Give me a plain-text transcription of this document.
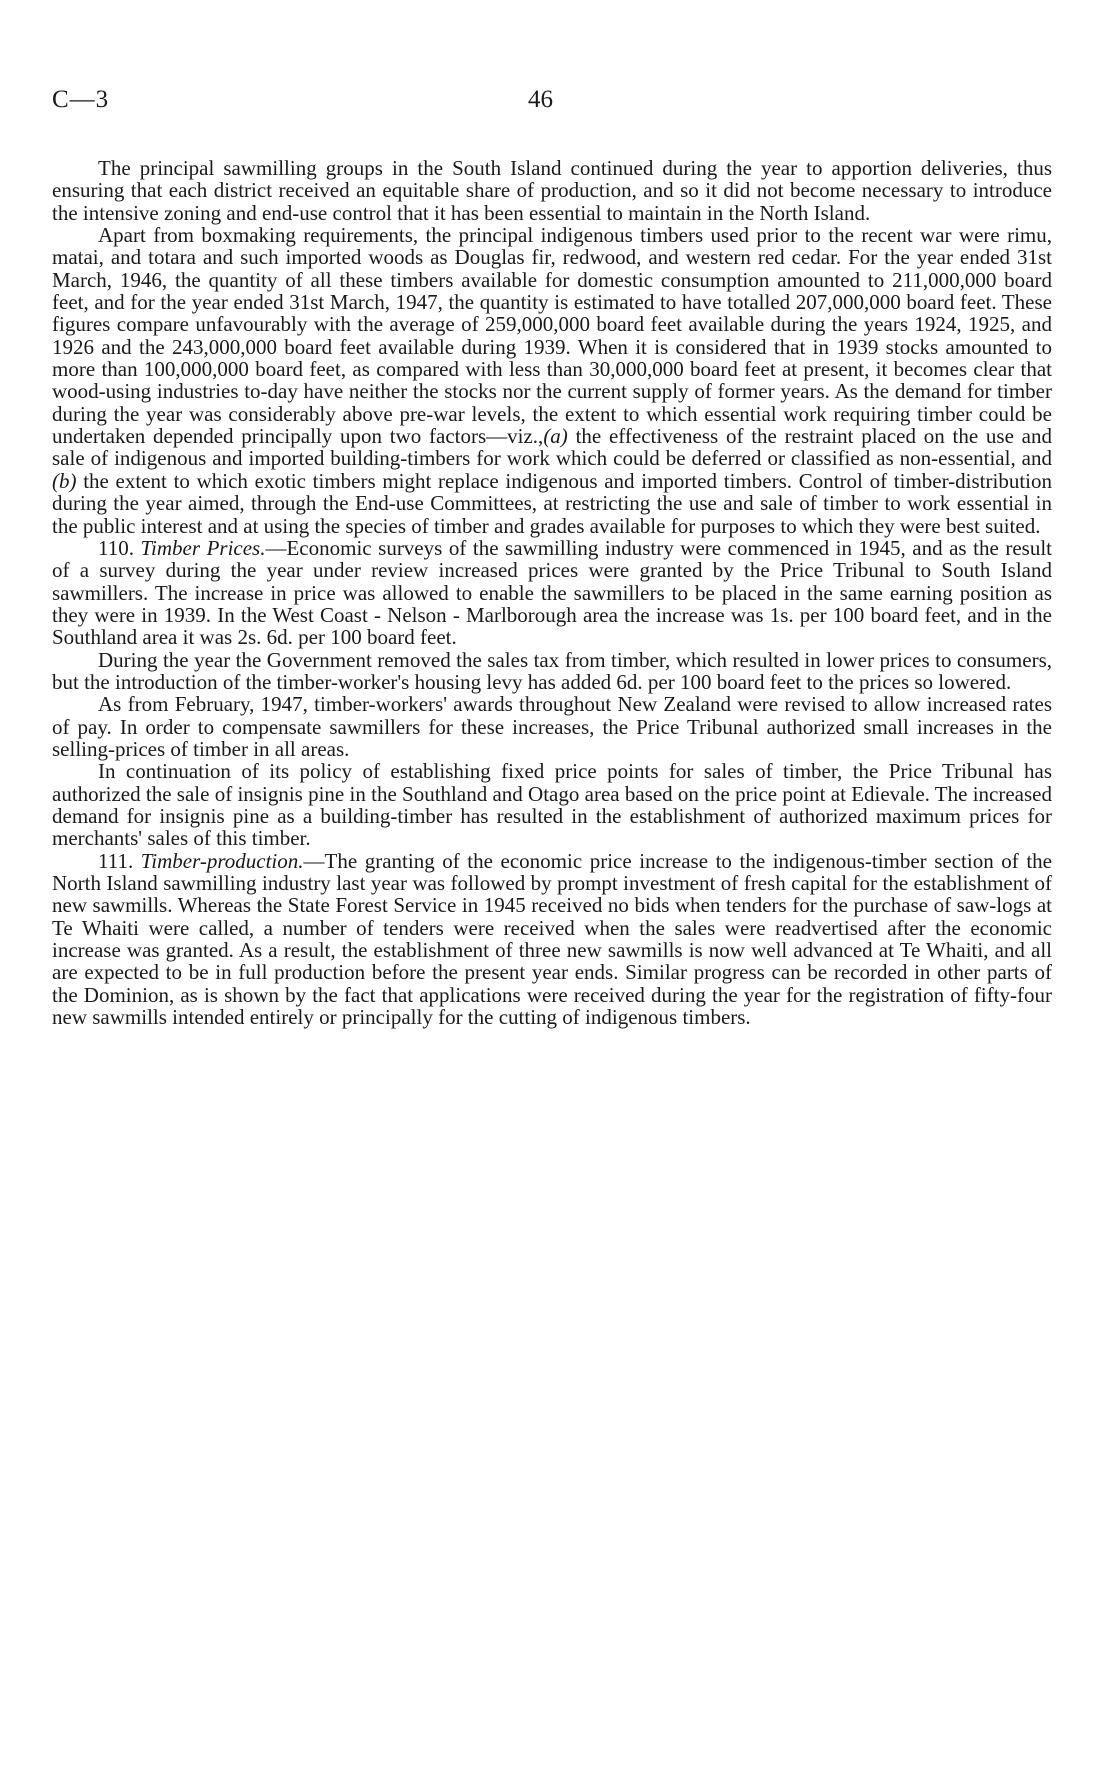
C—3	46

The principal sawmilling groups in the South Island continued during the year to apportion deliveries, thus ensuring that each district received an equitable share of production, and so it did not become necessary to introduce the intensive zoning and end-use control that it has been essential to maintain in the North Island.

Apart from boxmaking requirements, the principal indigenous timbers used prior to the recent war were rimu, matai, and totara and such imported woods as Douglas fir, redwood, and western red cedar. For the year ended 31st March, 1946, the quantity of all these timbers available for domestic consumption amounted to 211,000,000 board feet, and for the year ended 31st March, 1947, the quantity is estimated to have totalled 207,000,000 board feet. These figures compare unfavourably with the average of 259,000,000 board feet available during the years 1924, 1925, and 1926 and the 243,000,000 board feet available during 1939. When it is considered that in 1939 stocks amounted to more than 100,000,000 board feet, as compared with less than 30,000,000 board feet at present, it becomes clear that wood-using industries to-day have neither the stocks nor the current supply of former years. As the demand for timber during the year was considerably above pre-war levels, the extent to which essential work requiring timber could be undertaken depended principally upon two factors—viz.,(a) the effectiveness of the restraint placed on the use and sale of indigenous and imported building-timbers for work which could be deferred or classified as non-essential, and (b) the extent to which exotic timbers might replace indigenous and imported timbers. Control of timber-distribution during the year aimed, through the End-use Committees, at restricting the use and sale of timber to work essential in the public interest and at using the species of timber and grades available for purposes to which they were best suited.

110. Timber Prices.—Economic surveys of the sawmilling industry were commenced in 1945, and as the result of a survey during the year under review increased prices were granted by the Price Tribunal to South Island sawmillers. The increase in price was allowed to enable the sawmillers to be placed in the same earning position as they were in 1939. In the West Coast - Nelson - Marlborough area the increase was 1s. per 100 board feet, and in the Southland area it was 2s. 6d. per 100 board feet.

During the year the Government removed the sales tax from timber, which resulted in lower prices to consumers, but the introduction of the timber-worker's housing levy has added 6d. per 100 board feet to the prices so lowered.

As from February, 1947, timber-workers' awards throughout New Zealand were revised to allow increased rates of pay. In order to compensate sawmillers for these increases, the Price Tribunal authorized small increases in the selling-prices of timber in all areas.

In continuation of its policy of establishing fixed price points for sales of timber, the Price Tribunal has authorized the sale of insignis pine in the Southland and Otago area based on the price point at Edievale. The increased demand for insignis pine as a building-timber has resulted in the establishment of authorized maximum prices for merchants' sales of this timber.

111. Timber-production.—The granting of the economic price increase to the indigenous-timber section of the North Island sawmilling industry last year was followed by prompt investment of fresh capital for the establishment of new sawmills. Whereas the State Forest Service in 1945 received no bids when tenders for the purchase of saw-logs at Te Whaiti were called, a number of tenders were received when the sales were readvertised after the economic increase was granted. As a result, the establishment of three new sawmills is now well advanced at Te Whaiti, and all are expected to be in full production before the present year ends. Similar progress can be recorded in other parts of the Dominion, as is shown by the fact that applications were received during the year for the registration of fifty-four new sawmills intended entirely or principally for the cutting of indigenous timbers.
